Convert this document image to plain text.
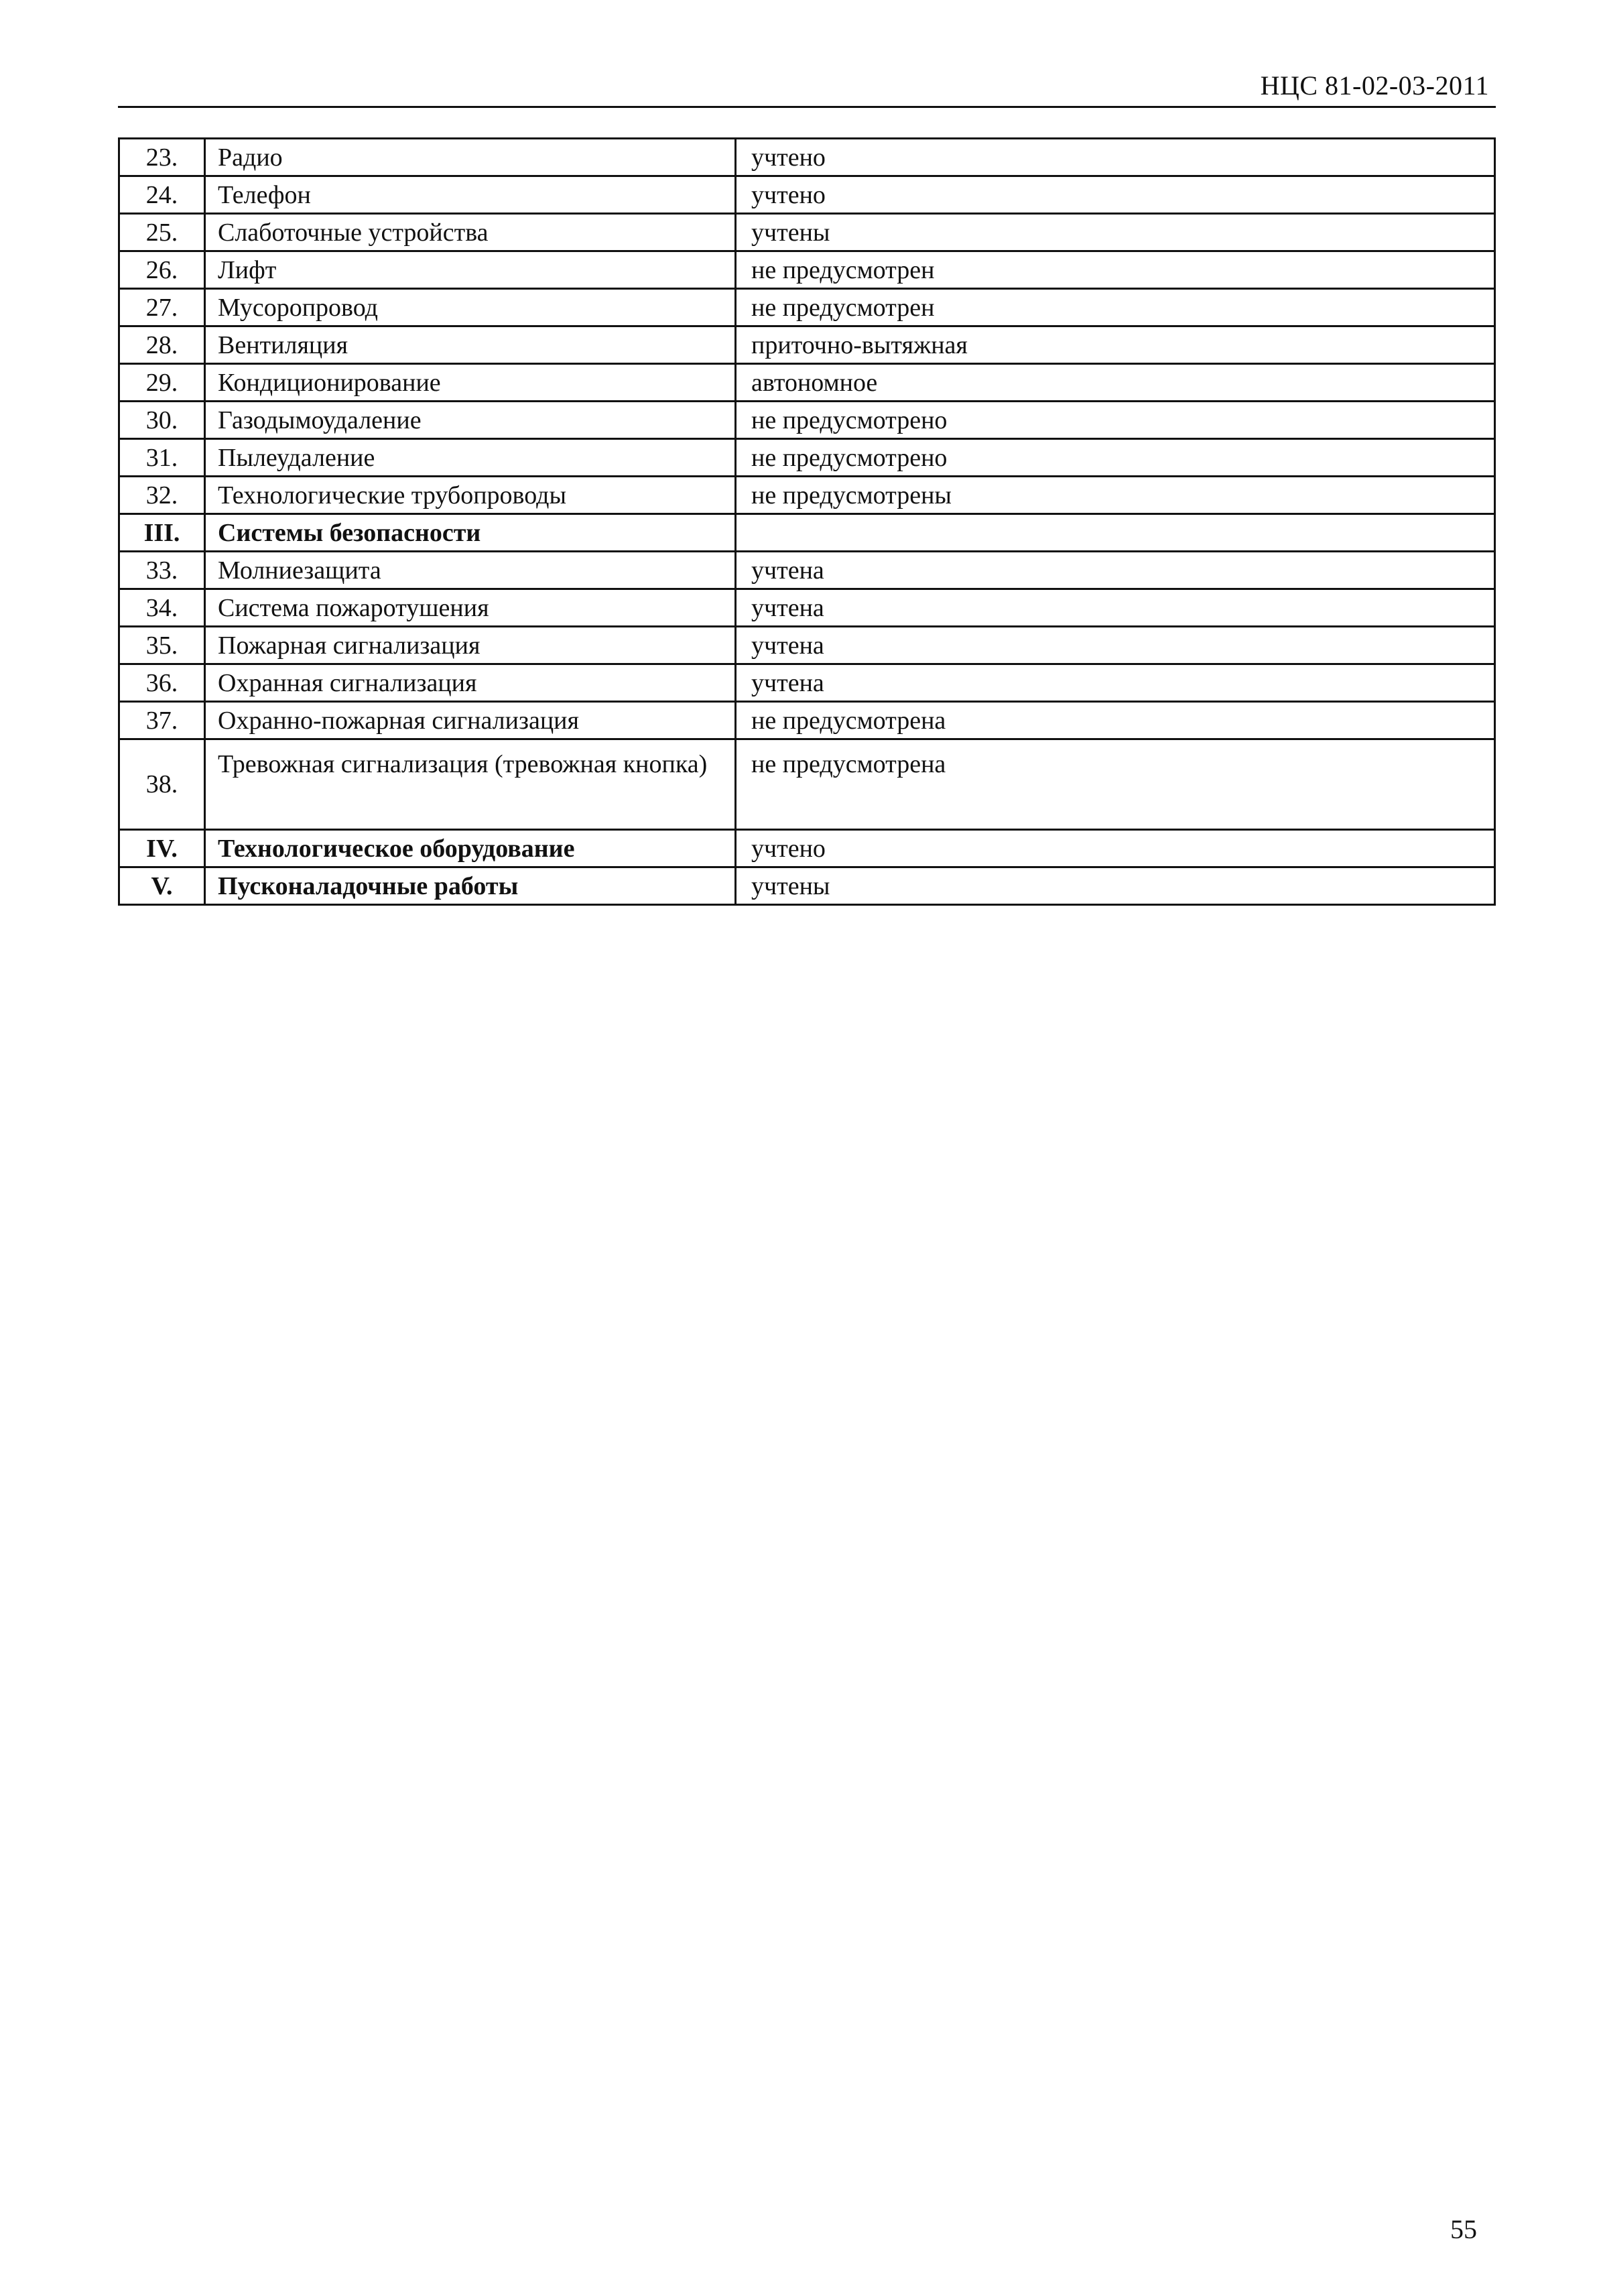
НЦС 81-02-03-2011
23.	Радио	учтено
24.	Телефон	учтено
25.	Слаботочные устройства	учтены
26.	Лифт	не предусмотрен
27.	Мусоропровод	не предусмотрен
28.	Вентиляция	приточно-вытяжная
29.	Кондиционирование	автономное
30.	Газодымоудаление	не предусмотрено
31.	Пылеудаление	не предусмотрено
32.	Технологические трубопроводы	не предусмотрены
III.	Системы безопасности	
33.	Молниезащита	учтена
34.	Система пожаротушения	учтена
35.	Пожарная сигнализация	учтена
36.	Охранная сигнализация	учтена
37.	Охранно-пожарная сигнализация	не предусмотрена
38.	Тревожная сигнализация (тревожная кнопка)	не предусмотрена
IV.	Технологическое оборудование	учтено
V.	Пусконаладочные работы	учтены
55
